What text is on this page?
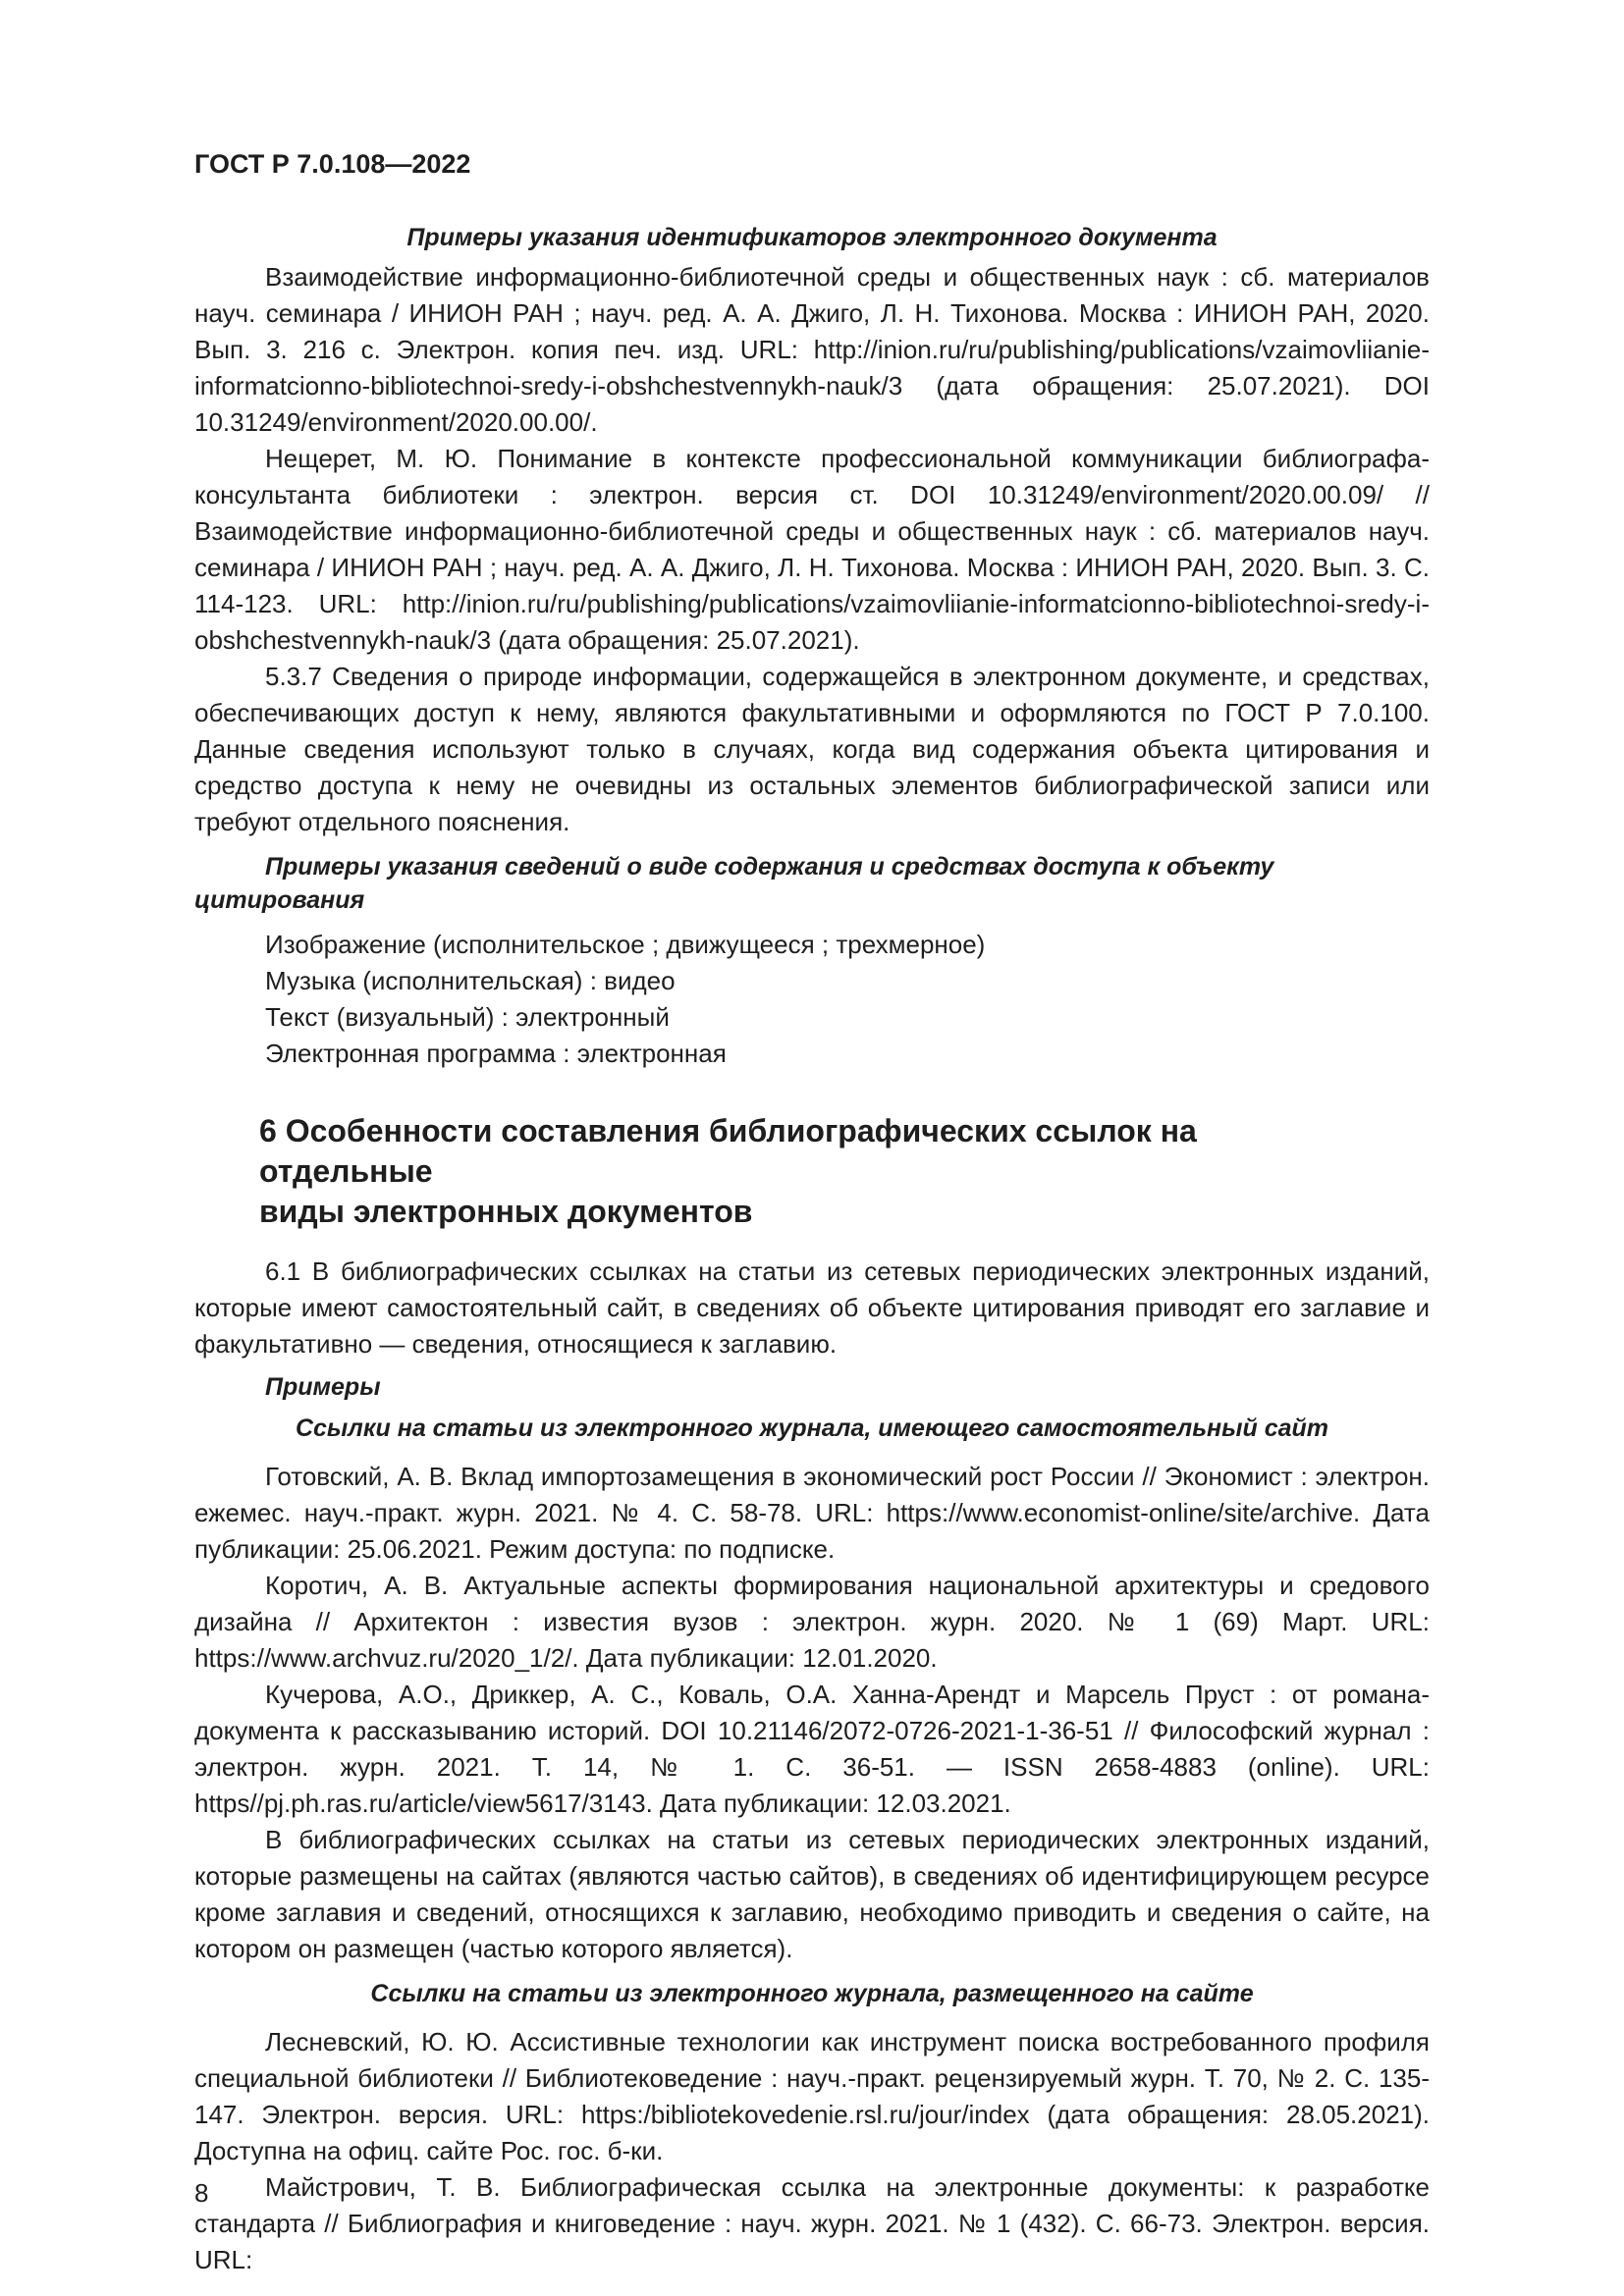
ГОСТ Р 7.0.108—2022

Примеры указания идентификаторов электронного документа

Взаимодействие информационно-библиотечной среды и общественных наук : сб. материалов науч. семинара / ИНИОН РАН ; науч. ред. А. А. Джиго, Л. Н. Тихонова. Москва : ИНИОН РАН, 2020. Вып. 3. 216 с. Электрон. копия печ. изд. URL: http://inion.ru/ru/publishing/publications/vzaimovliianie-informatcionno-bibliotechnoi-sredy-i-obshchestvennykh-nauk/3 (дата обращения: 25.07.2021). DOI 10.31249/environment/2020.00.00/.

Нещерет, М. Ю. Понимание в контексте профессиональной коммуникации библиографа-консультанта библиотеки : электрон. версия ст. DOI 10.31249/environment/2020.00.09/ // Взаимодействие информационно-библиотечной среды и общественных наук : сб. материалов науч. семинара / ИНИОН РАН ; науч. ред. А. А. Джиго, Л. Н. Тихонова. Москва : ИНИОН РАН, 2020. Вып. 3. С. 114-123. URL: http://inion.ru/ru/publishing/publications/vzaimovliianie-informatcionno-bibliotechnoi-sredy-i-obshchestvennykh-nauk/3 (дата обращения: 25.07.2021).

5.3.7 Сведения о природе информации, содержащейся в электронном документе, и средствах, обеспечивающих доступ к нему, являются факультативными и оформляются по ГОСТ Р 7.0.100. Данные сведения используют только в случаях, когда вид содержания объекта цитирования и средство доступа к нему не очевидны из остальных элементов библиографической записи или требуют отдельного пояснения.

Примеры указания сведений о виде содержания и средствах доступа к объекту цитирования

Изображение (исполнительское ; движущееся ; трехмерное)

Музыка (исполнительская) : видео

Текст (визуальный) : электронный

Электронная программа : электронная

6 Особенности составления библиографических ссылок на отдельные
виды электронных документов

6.1 В библиографических ссылках на статьи из сетевых периодических электронных изданий, которые имеют самостоятельный сайт, в сведениях об объекте цитирования приводят его заглавие и факультативно — сведения, относящиеся к заглавию.

Примеры

Ссылки на статьи из электронного журнала, имеющего самостоятельный сайт

Готовский, А. В. Вклад импортозамещения в экономический рост России // Экономист : электрон. ежемес. науч.-практ. журн. 2021. № 4. С. 58-78. URL: https://www.economist-online/site/archive. Дата публикации: 25.06.2021. Режим доступа: по подписке.

Коротич, А. В. Актуальные аспекты формирования национальной архитектуры и средового дизайна // Архитектон : известия вузов : электрон. журн. 2020. № 1 (69) Март. URL: https://www.archvuz.ru/2020_1/2/. Дата публикации: 12.01.2020.

Кучерова, А.О., Дриккер, А. С., Коваль, О.А. Ханна-Арендт и Марсель Пруст : от романа-документа к рассказыванию историй. DOI 10.21146/2072-0726-2021-1-36-51 // Философский журнал : электрон. журн. 2021. Т. 14, № 1. С. 36-51. — ISSN 2658-4883 (online). URL: https//pj.ph.ras.ru/article/view5617/3143. Дата публикации: 12.03.2021.

В библиографических ссылках на статьи из сетевых периодических электронных изданий, которые размещены на сайтах (являются частью сайтов), в сведениях об идентифицирующем ресурсе кроме заглавия и сведений, относящихся к заглавию, необходимо приводить и сведения о сайте, на котором он размещен (частью которого является).

Ссылки на статьи из электронного журнала, размещенного на сайте

Лесневский, Ю. Ю. Ассистивные технологии как инструмент поиска востребованного профиля специальной библиотеки // Библиотековедение : науч.-практ. рецензируемый журн. Т. 70, № 2. С. 135-147. Электрон. версия. URL: https:/bibliotekovedenie.rsl.ru/jour/index (дата обращения: 28.05.2021). Доступна на офиц. сайте Рос. гос. б-ки.

Майстрович, Т. В. Библиографическая ссылка на электронные документы: к разработке стандарта // Библиография и книговедение : науч. журн. 2021. № 1 (432). С. 66-73. Электрон. версия. URL:

8
